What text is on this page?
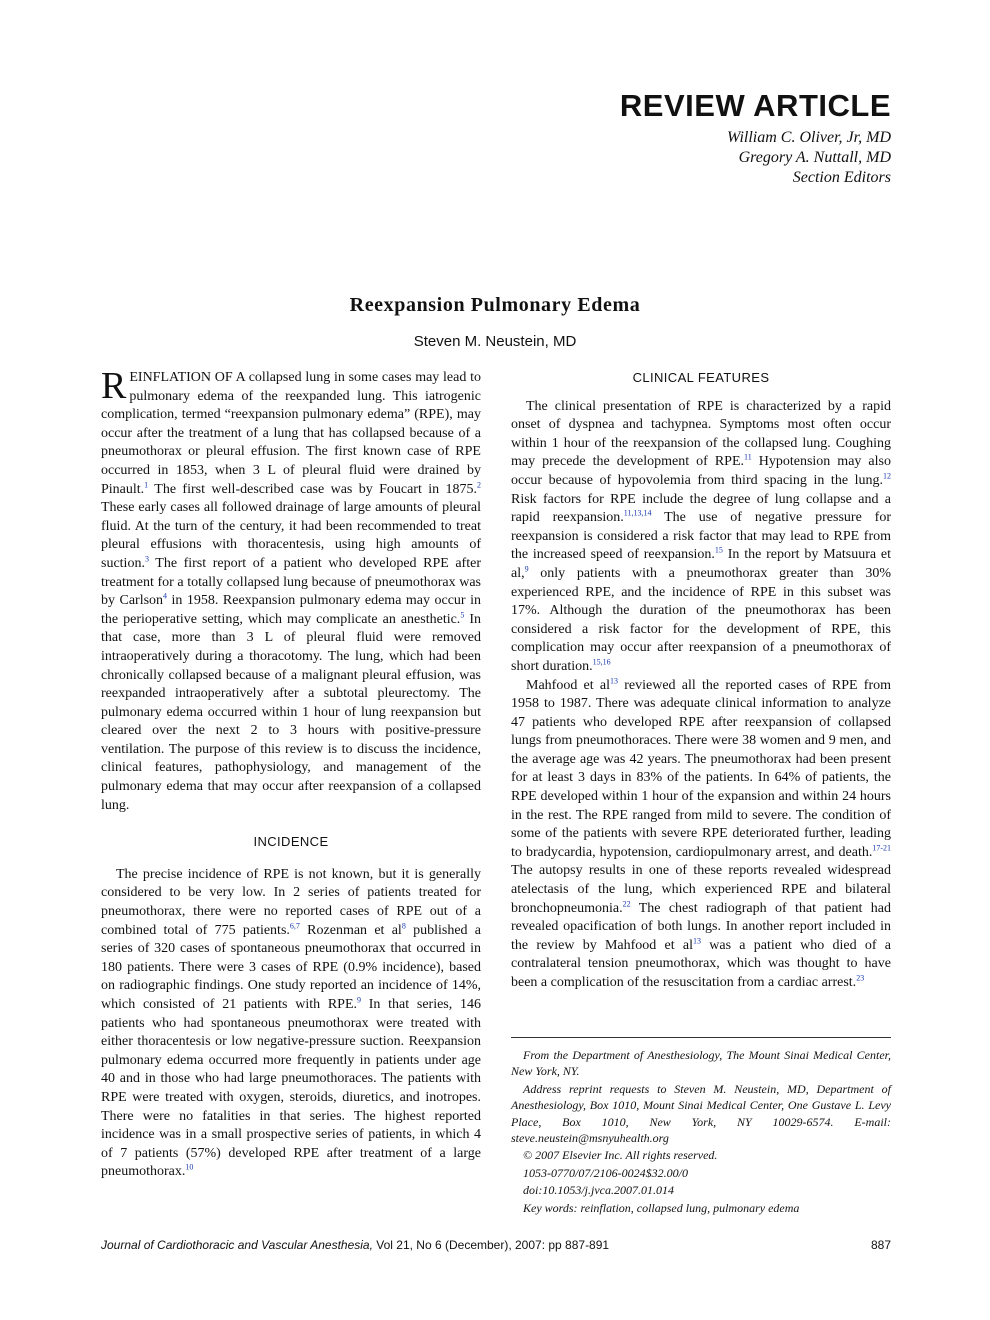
REVIEW ARTICLE
William C. Oliver, Jr, MD
Gregory A. Nuttall, MD
Section Editors
Reexpansion Pulmonary Edema
Steven M. Neustein, MD

REINFLATION OF A collapsed lung in some cases may lead to pulmonary edema of the reexpanded lung. This iatrogenic complication, termed “reexpansion pulmonary edema” (RPE), may occur after the treatment of a lung that has collapsed because of a pneumothorax or pleural effusion. The first known case of RPE occurred in 1853, when 3 L of pleural fluid were drained by Pinault.$^1$ The first well-described case was by Foucart in 1875.$^2$ These early cases all followed drainage of large amounts of pleural fluid. At the turn of the century, it had been recommended to treat pleural effusions with thoracentesis, using high amounts of suction.$^3$ The first report of a patient who developed RPE after treatment for a totally collapsed lung because of pneumothorax was by Carlson$^4$ in 1958. Reexpansion pulmonary edema may occur in the perioperative setting, which may complicate an anesthetic.$^5$ In that case, more than 3 L of pleural fluid were removed intraoperatively during a thoracotomy. The lung, which had been chronically collapsed because of a malignant pleural effusion, was reexpanded intraoperatively after a subtotal pleurectomy. The pulmonary edema occurred within 1 hour of lung reexpansion but cleared over the next 2 to 3 hours with positive-pressure ventilation. The purpose of this review is to discuss the incidence, clinical features, pathophysiology, and management of the pulmonary edema that may occur after reexpansion of a collapsed lung.

INCIDENCE

The precise incidence of RPE is not known, but it is generally considered to be very low. In 2 series of patients treated for pneumothorax, there were no reported cases of RPE out of a combined total of 775 patients.$^{6,7}$ Rozenman et $al^8$ published a series of 320 cases of spontaneous pneumothorax that occurred in 180 patients. There were 3 cases of RPE (0.9% incidence), based on radiographic findings. One study reported an incidence of 14%, which consisted of 21 patients with RPE.$^9$ In that series, 146 patients who had spontaneous pneumothorax were treated with either thoracentesis or low negative-pressure suction. Reexpansion pulmonary edema occurred more frequently in patients under age 40 and in those who had large pneumothoraces. The patients with RPE were treated with oxygen, steroids, diuretics, and inotropes. There were no fatalities in that series. The highest reported incidence was in a small prospective series of patients, in which 4 of 7 patients (57%) developed RPE after treatment of a large pneumothorax.$^{10}$

CLINICAL FEATURES

The clinical presentation of RPE is characterized by a rapid onset of dyspnea and tachypnea. Symptoms most often occur within 1 hour of the reexpansion of the collapsed lung. Coughing may precede the development of RPE.$^{11}$ Hypotension may also occur because of hypovolemia from third spacing in the lung.$^{12}$ Risk factors for RPE include the degree of lung collapse and a rapid reexpansion.$^{11,13,14}$ The use of negative pressure for reexpansion is considered a risk factor that may lead to RPE from the increased speed of reexpansion.$^{15}$ In the report by Matsuura et al,$^9$ only patients with a pneumothorax greater than 30% experienced RPE, and the incidence of RPE in this subset was 17%. Although the duration of the pneumothorax has been considered a risk factor for the development of RPE, this complication may occur after reexpansion of a pneumothorax of short duration.$^{15,16}$

Mahfood et $al^{13}$ reviewed all the reported cases of RPE from 1958 to 1987. There was adequate clinical information to analyze 47 patients who developed RPE after reexpansion of collapsed lungs from pneumothoraces. There were 38 women and 9 men, and the average age was 42 years. The pneumothorax had been present for at least 3 days in 83% of the patients. In 64% of patients, the RPE developed within 1 hour of the expansion and within 24 hours in the rest. The RPE ranged from mild to severe. The condition of some of the patients with severe RPE deteriorated further, leading to bradycardia, hypotension, cardiopulmonary arrest, and death.$^{17-21}$ The autopsy results in one of these reports revealed widespread atelectasis of the lung, which experienced RPE and bilateral bronchopneumonia.$^{22}$ The chest radiograph of that patient had revealed opacification of both lungs. In another report included in the review by Mahfood et $al^{13}$ was a patient who died of a contralateral tension pneumothorax, which was thought to have been a complication of the resuscitation from a cardiac arrest.$^{23}$

From the Department of Anesthesiology, The Mount Sinai Medical Center, New York, NY.
Address reprint requests to Steven M. Neustein, MD, Department of Anesthesiology, Box 1010, Mount Sinai Medical Center, One Gustave L. Levy Place, Box 1010, New York, NY 10029-6574. E-mail: steve.neustein@msnyuhealth.org
© 2007 Elsevier Inc. All rights reserved.
1053-0770/07/2106-0024$32.00/0
doi:10.1053/j.jvca.2007.01.014
Key words: reinflation, collapsed lung, pulmonary edema
Journal of Cardiothoracic and Vascular Anesthesia, Vol 21, No 6 (December), 2007: pp 887-891	887
